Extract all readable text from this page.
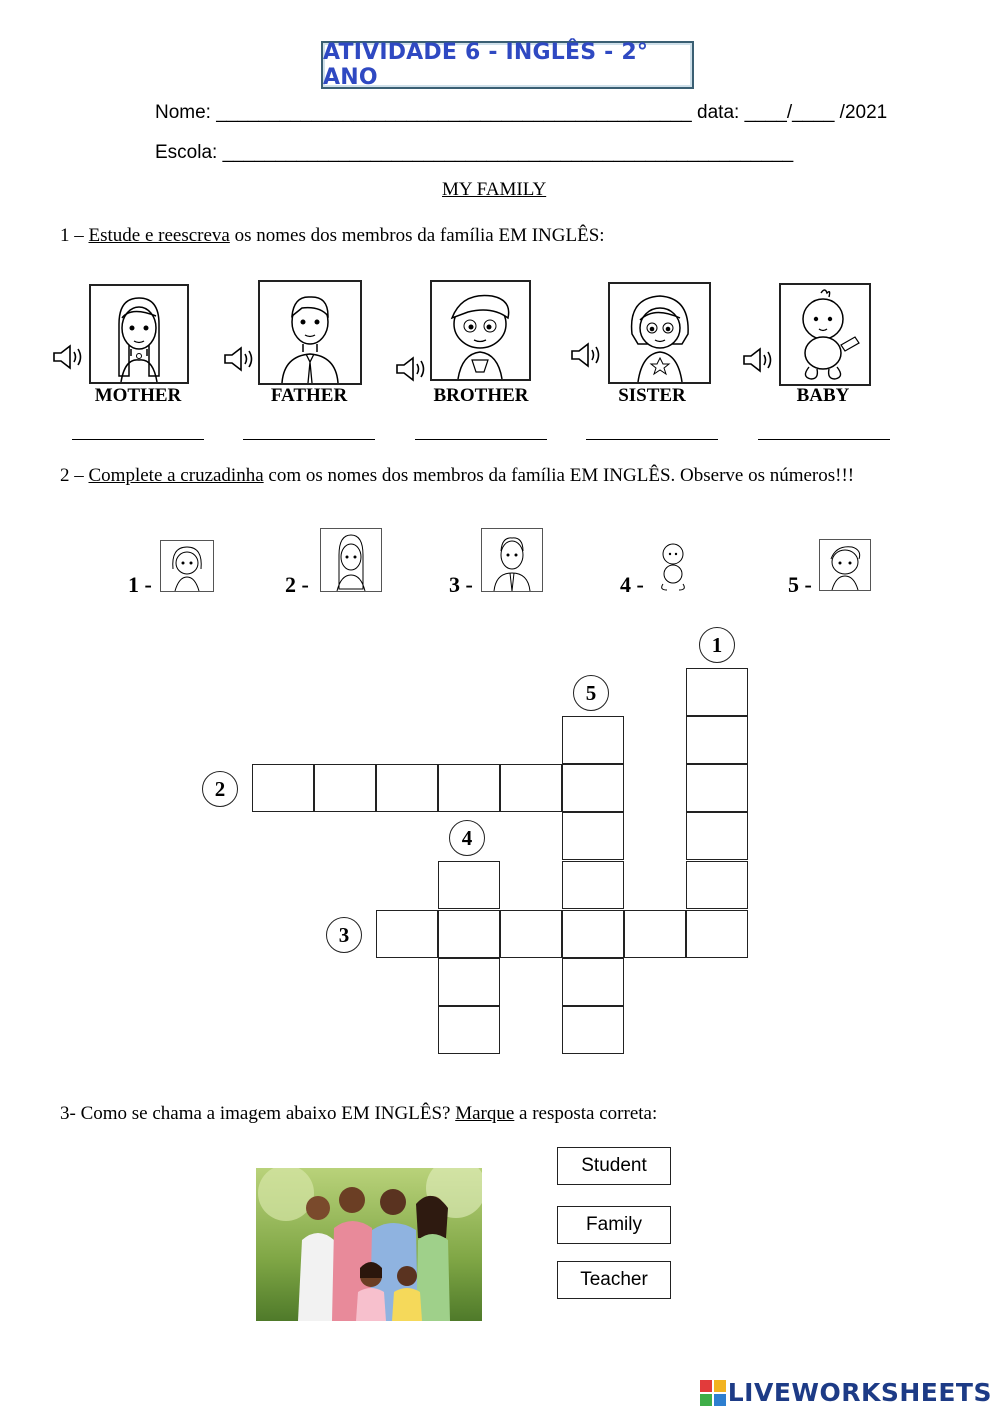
ATIVIDADE 6 - INGLÊS - 2° ANO
Nome: _____________________________________________ data: ____/____ /2021
Escola: ______________________________________________________
MY FAMILY
1 – Estude e reescreva os nomes dos membros da família EM INGLÊS:
MOTHER	FATHER	BROTHER	SISTER	BABY
2 – Complete a cruzadinha com os nomes dos membros da família EM INGLÊS. Observe os números!!!
1 -	2 -	3 -	4 -	5 -
1
2
3
4
5
3- Como se chama a imagem abaixo EM INGLÊS? Marque a resposta correta:
Student
Family
Teacher
LIVEWORKSHEETS
